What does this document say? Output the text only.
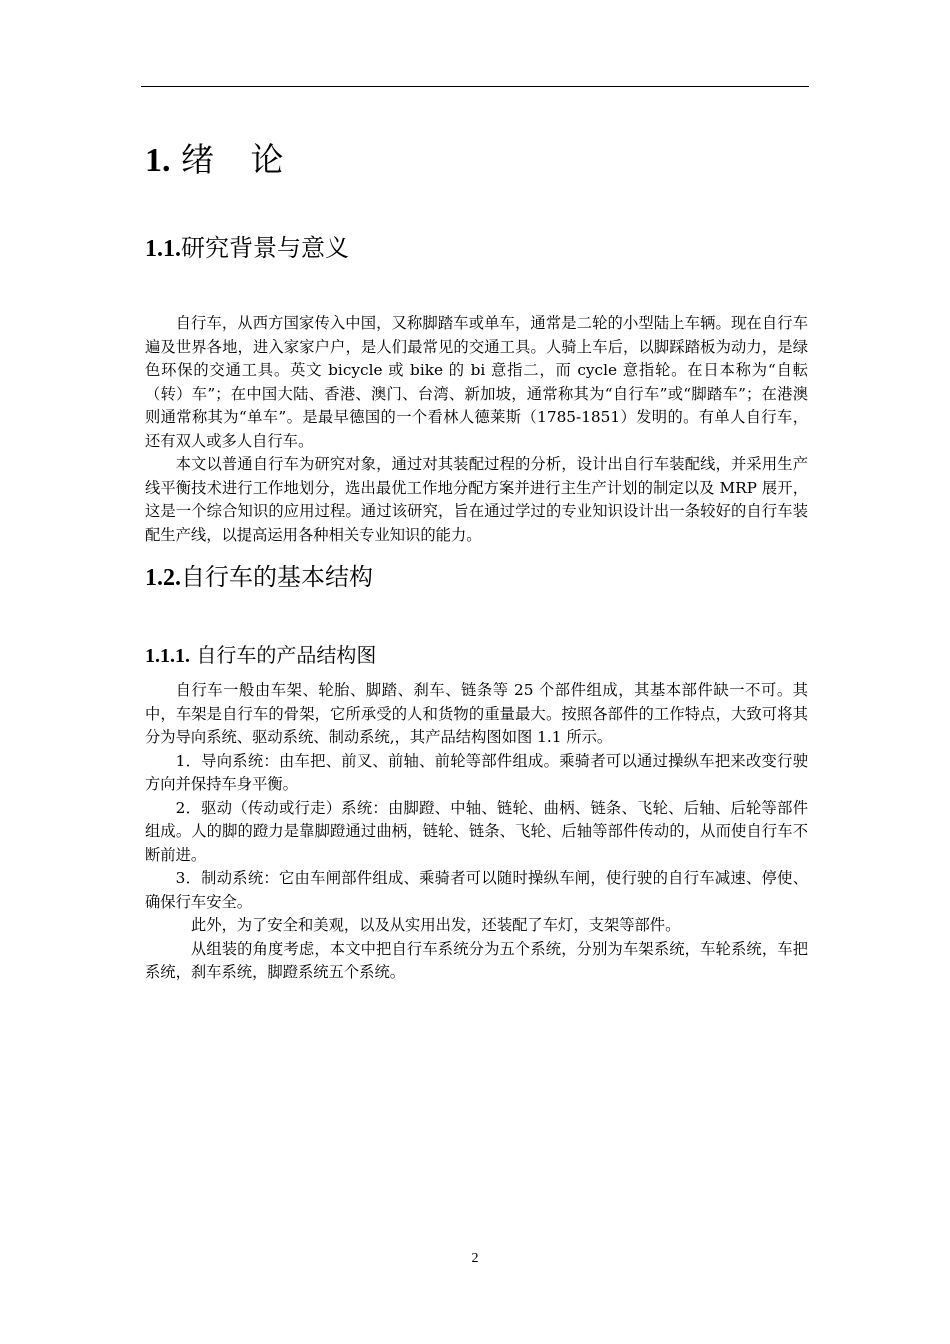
1. 绪 论
1.1.研究背景与意义

自行车，从西方国家传入中国，又称脚踏车或单车，通常是二轮的小型陆上车辆。现在自行车遍及世界各地，进入家家户户，是人们最常见的交通工具。人骑上车后，以脚踩踏板为动力，是绿色环保的交通工具。英文 bicycle 或 bike 的 bi 意指二，而 cycle 意指轮。在日本称为“自転（转）车”；在中国大陆、香港、澳门、台湾、新加坡，通常称其为“自行车”或“脚踏车”；在港澳则通常称其为“单车”。是最早德国的一个看林人德莱斯（1785-1851）发明的。有单人自行车，还有双人或多人自行车。

本文以普通自行车为研究对象，通过对其装配过程的分析，设计出自行车装配线，并采用生产线平衡技术进行工作地划分，选出最优工作地分配方案并进行主生产计划的制定以及 MRP 展开，这是一个综合知识的应用过程。通过该研究，旨在通过学过的专业知识设计出一条较好的自行车装配生产线，以提高运用各种相关专业知识的能力。

1.2.自行车的基本结构
1.1.1. 自行车的产品结构图

自行车一般由车架、轮胎、脚踏、刹车、链条等 25 个部件组成，其基本部件缺一不可。其中，车架是自行车的骨架，它所承受的人和货物的重量最大。按照各部件的工作特点，大致可将其分为导向系统、驱动系统、制动系统,，其产品结构图如图 1.1 所示。

1．导向系统：由车把、前叉、前轴、前轮等部件组成。乘骑者可以通过操纵车把来改变行驶方向并保持车身平衡。

2．驱动（传动或行走）系统：由脚蹬、中轴、链轮、曲柄、链条、飞轮、后轴、后轮等部件组成。人的脚的蹬力是靠脚蹬通过曲柄，链轮、链条、飞轮、后轴等部件传动的，从而使自行车不断前进。

3．制动系统：它由车闸部件组成、乘骑者可以随时操纵车闸，使行驶的自行车减速、停使、确保行车安全。

此外，为了安全和美观，以及从实用出发，还装配了车灯，支架等部件。

从组装的角度考虑，本文中把自行车系统分为五个系统，分别为车架系统，车轮系统，车把系统，刹车系统，脚蹬系统五个系统。

2
